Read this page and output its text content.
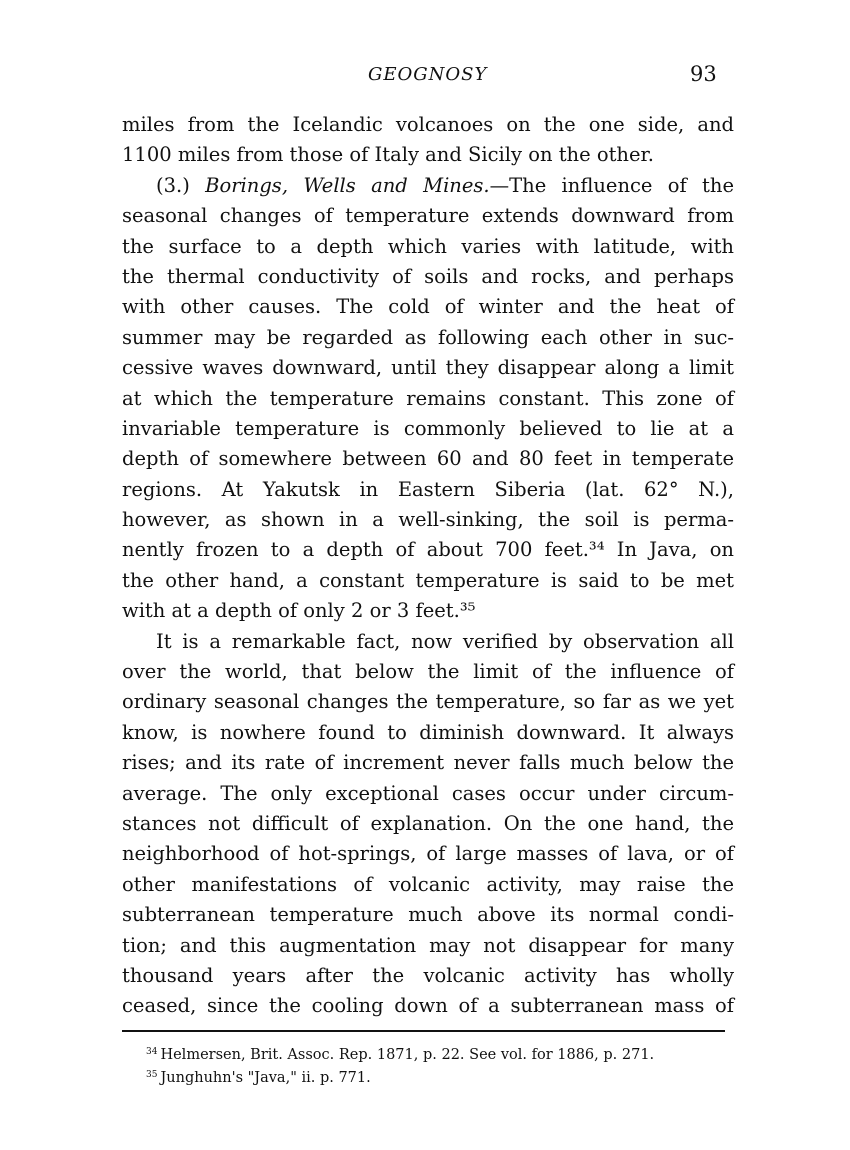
GEOGNOSY	93
miles from the Icelandic volcanoes on the one side, and
1100 miles from those of Italy and Sicily on the other.
(3.) Borings, Wells and Mines.—The influence of the
seasonal changes of temperature extends downward from
the surface to a depth which varies with latitude, with
the thermal conductivity of soils and rocks, and perhaps
with other causes. The cold of winter and the heat of
summer may be regarded as following each other in suc-
cessive waves downward, until they disappear along a limit
at which the temperature remains constant. This zone of
invariable temperature is commonly believed to lie at a
depth of somewhere between 60 and 80 feet in temperate
regions. At Yakutsk in Eastern Siberia (lat. 62° N.),
however, as shown in a well-sinking, the soil is perma-
nently frozen to a depth of about 700 feet.³⁴ In Java, on
the other hand, a constant temperature is said to be met
with at a depth of only 2 or 3 feet.³⁵
It is a remarkable fact, now verified by observation all
over the world, that below the limit of the influence of
ordinary seasonal changes the temperature, so far as we yet
know, is nowhere found to diminish downward. It always
rises; and its rate of increment never falls much below the
average. The only exceptional cases occur under circum-
stances not difficult of explanation. On the one hand, the
neighborhood of hot-springs, of large masses of lava, or of
other manifestations of volcanic activity, may raise the
subterranean temperature much above its normal condi-
tion; and this augmentation may not disappear for many
thousand years after the volcanic activity has wholly
ceased, since the cooling down of a subterranean mass of
$^{34}$ Helmersen, Brit. Assoc. Rep. 1871, p. 22. See vol. for 1886, p. 271.
$^{35}$ Junghuhn's "Java," ii. p. 771.
